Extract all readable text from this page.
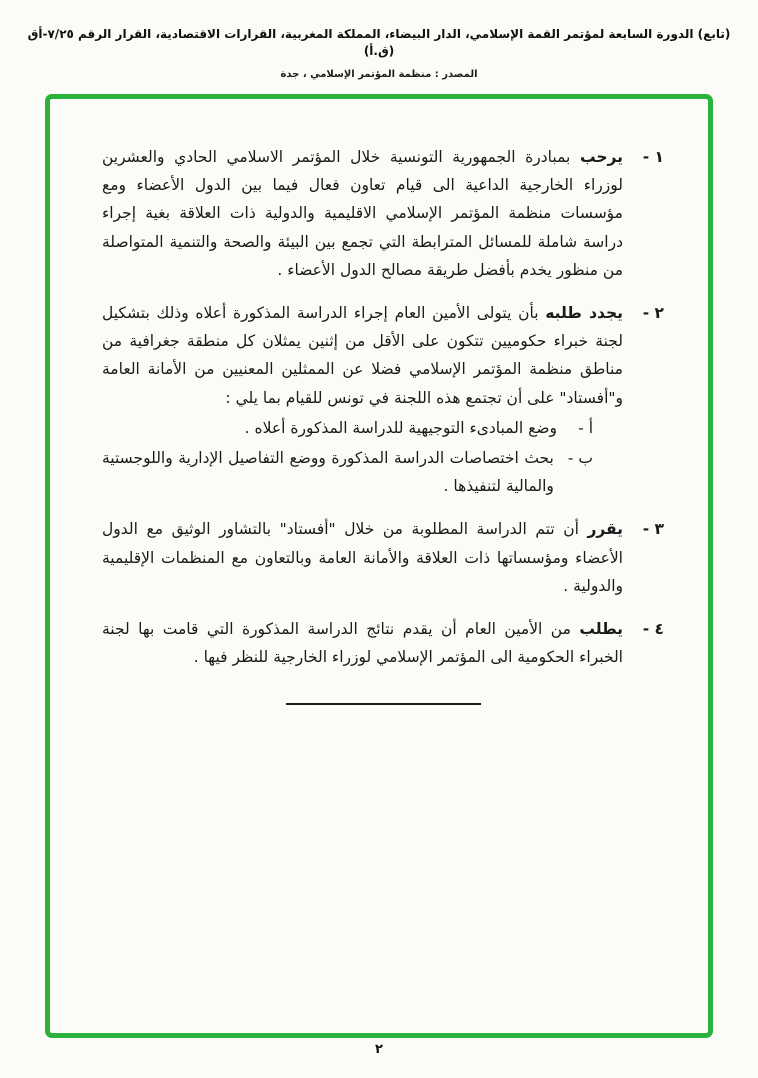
(تابع) الدورة السابعة لمؤتمر القمة الإسلامي، الدار البيضاء، المملكة المغربية، القرارات الاقتصادية، القرار الرقم ٧/٢٥-أق (ق.أ)
المصدر : منظمة المؤتمر الإسلامي ، جدة
١ -
يرحب بمبادرة الجمهورية التونسية خلال المؤتمر الاسلامي الحادي والعشرين لوزراء الخارجية الداعية الى قيام تعاون فعال فيما بين الدول الأعضاء ومع مؤسسات منظمة المؤتمر الإسلامي الاقليمية والدولية ذات العلاقة بغية إجراء دراسة شاملة للمسائل المترابطة التي تجمع بين البيئة والصحة والتنمية المتواصلة من منظور يخدم بأفضل طريقة مصالح الدول الأعضاء .
٢ -
يجدد طلبه بأن يتولى الأمين العام إجراء الدراسة المذكورة أعلاه وذلك بتشكيل لجنة خبراء حكوميين تتكون على الأقل من إثنين يمثلان كل منطقة جغرافية من مناطق منظمة المؤتمر الإسلامي فضلا عن الممثلين المعنيين من الأمانة العامة و"أفستاد" على أن تجتمع هذه اللجنة في تونس للقيام بما يلي :
أ -
وضع المبادىء التوجيهية للدراسة المذكورة أعلاه .
ب -
بحث اختصاصات الدراسة المذكورة ووضع التفاصيل الإدارية واللوجستية والمالية لتنفيذها .
٣ -
يقرر أن تتم الدراسة المطلوبة من خلال "أفستاد" بالتشاور الوثيق مع الدول الأعضاء ومؤسساتها ذات العلاقة والأمانة العامة وبالتعاون مع المنظمات الإقليمية والدولية .
٤ -
يطلب من الأمين العام أن يقدم نتائج الدراسة المذكورة التي قامت بها لجنة الخبراء الحكومية الى المؤتمر الإسلامي لوزراء الخارجية للنظر فيها .
٢
